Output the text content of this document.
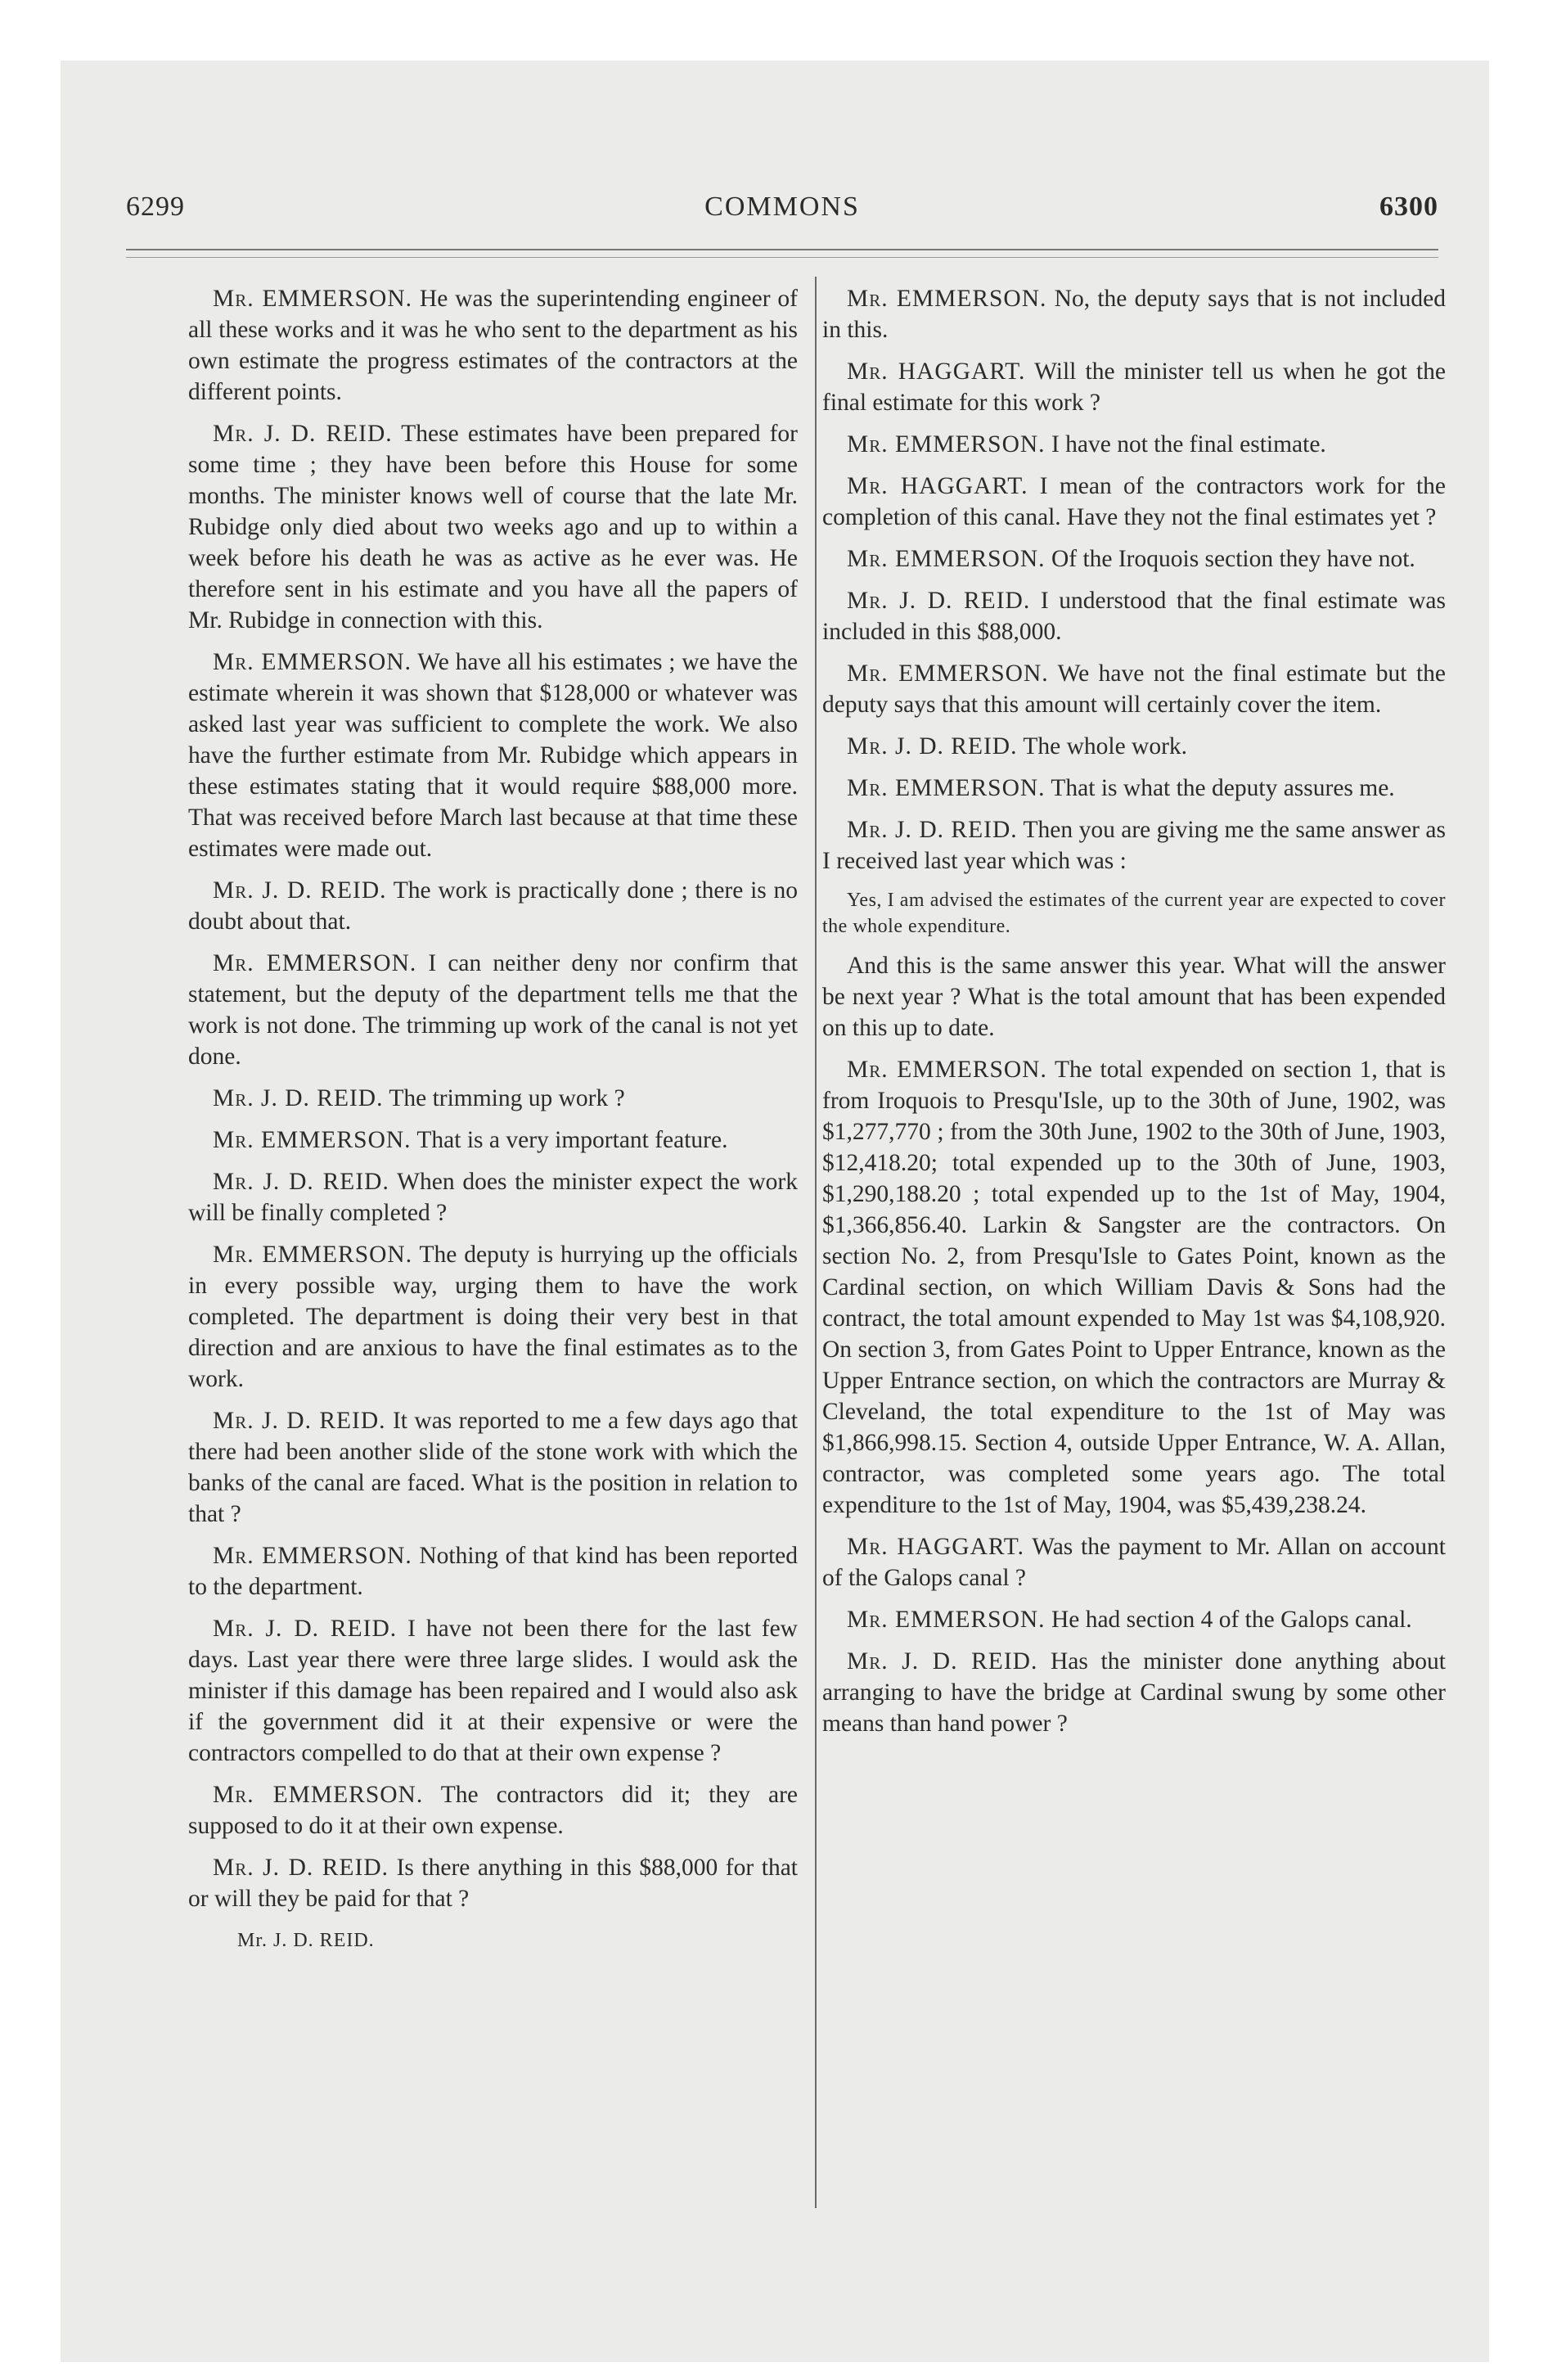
COMMONS
6299	6300

Mr. EMMERSON. He was the superintending engineer of all these works and it was he who sent to the department as his own estimate the progress estimates of the contractors at the different points.

Mr. J. D. REID. These estimates have been prepared for some time ; they have been before this House for some months. The minister knows well of course that the late Mr. Rubidge only died about two weeks ago and up to within a week before his death he was as active as he ever was. He therefore sent in his estimate and you have all the papers of Mr. Rubidge in connection with this.

Mr. EMMERSON. We have all his estimates ; we have the estimate wherein it was shown that $128,000 or whatever was asked last year was sufficient to complete the work. We also have the further estimate from Mr. Rubidge which appears in these estimates stating that it would require $88,000 more. That was received before March last because at that time these estimates were made out.

Mr. J. D. REID. The work is practically done ; there is no doubt about that.

Mr. EMMERSON. I can neither deny nor confirm that statement, but the deputy of the department tells me that the work is not done. The trimming up work of the canal is not yet done.

Mr. J. D. REID. The trimming up work ?

Mr. EMMERSON. That is a very important feature.

Mr. J. D. REID. When does the minister expect the work will be finally completed ?

Mr. EMMERSON. The deputy is hurrying up the officials in every possible way, urging them to have the work completed. The department is doing their very best in that direction and are anxious to have the final estimates as to the work.

Mr. J. D. REID. It was reported to me a few days ago that there had been another slide of the stone work with which the banks of the canal are faced. What is the position in relation to that ?

Mr. EMMERSON. Nothing of that kind has been reported to the department.

Mr. J. D. REID. I have not been there for the last few days. Last year there were three large slides. I would ask the minister if this damage has been repaired and I would also ask if the government did it at their expensive or were the contractors compelled to do that at their own expense ?

Mr. EMMERSON. The contractors did it; they are supposed to do it at their own expense.

Mr. J. D. REID. Is there anything in this $88,000 for that or will they be paid for that ?

Mr. J. D. REID.

Mr. EMMERSON. No, the deputy says that is not included in this.

Mr. HAGGART. Will the minister tell us when he got the final estimate for this work ?

Mr. EMMERSON. I have not the final estimate.

Mr. HAGGART. I mean of the contractors work for the completion of this canal. Have they not the final estimates yet ?

Mr. EMMERSON. Of the Iroquois section they have not.

Mr. J. D. REID. I understood that the final estimate was included in this $88,000.

Mr. EMMERSON. We have not the final estimate but the deputy says that this amount will certainly cover the item.

Mr. J. D. REID. The whole work.

Mr. EMMERSON. That is what the deputy assures me.

Mr. J. D. REID. Then you are giving me the same answer as I received last year which was :

Yes, I am advised the estimates of the current year are expected to cover the whole expenditure.

And this is the same answer this year. What will the answer be next year ? What is the total amount that has been expended on this up to date.

Mr. EMMERSON. The total expended on section 1, that is from Iroquois to Presqu'Isle, up to the 30th of June, 1902, was $1,277,770 ; from the 30th June, 1902 to the 30th of June, 1903, $12,418.20; total expended up to the 30th of June, 1903, $1,290,188.20 ; total expended up to the 1st of May, 1904, $1,366,856.40. Larkin & Sangster are the contractors. On section No. 2, from Presqu'Isle to Gates Point, known as the Cardinal section, on which William Davis & Sons had the contract, the total amount expended to May 1st was $4,108,920. On section 3, from Gates Point to Upper Entrance, known as the Upper Entrance section, on which the contractors are Murray & Cleveland, the total expenditure to the 1st of May was $1,866,998.15. Section 4, outside Upper Entrance, W. A. Allan, contractor, was completed some years ago. The total expenditure to the 1st of May, 1904, was $5,439,238.24.

Mr. HAGGART. Was the payment to Mr. Allan on account of the Galops canal ?

Mr. EMMERSON. He had section 4 of the Galops canal.

Mr. J. D. REID. Has the minister done anything about arranging to have the bridge at Cardinal swung by some other means than hand power ?
